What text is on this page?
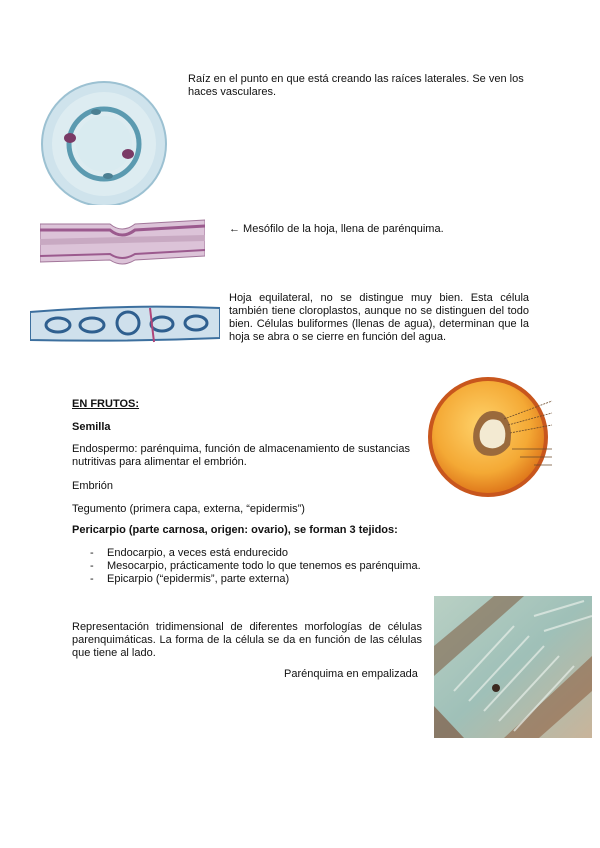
Raíz en el punto en que está creando las raíces laterales. Se ven los haces vasculares.
← Mesófilo de la hoja, llena de parénquima.
Hoja equilateral, no se distingue muy bien. Esta célula también tiene cloroplastos, aunque no se distinguen del todo bien. Células buliformes (llenas de agua), determinan que la hoja se abra o se cierre en función del agua.
EN FRUTOS:
Semilla
Endospermo: parénquima, función de almacenamiento de sustancias nutritivas para alimentar el embrión.
Embrión
Tegumento (primera capa, externa, “epidermis”)
Pericarpio (parte carnosa, origen: ovario), se forman 3 tejidos:
- Endocarpio, a veces está endurecido
- Mesocarpio, prácticamente todo lo que tenemos es parénquima.
- Epicarpio (“epidermis”, parte externa)
Representación tridimensional de diferentes morfologías de células parenquimáticas. La forma de la célula se da en función de las células que tiene al lado.
Parénquima en empalizada
